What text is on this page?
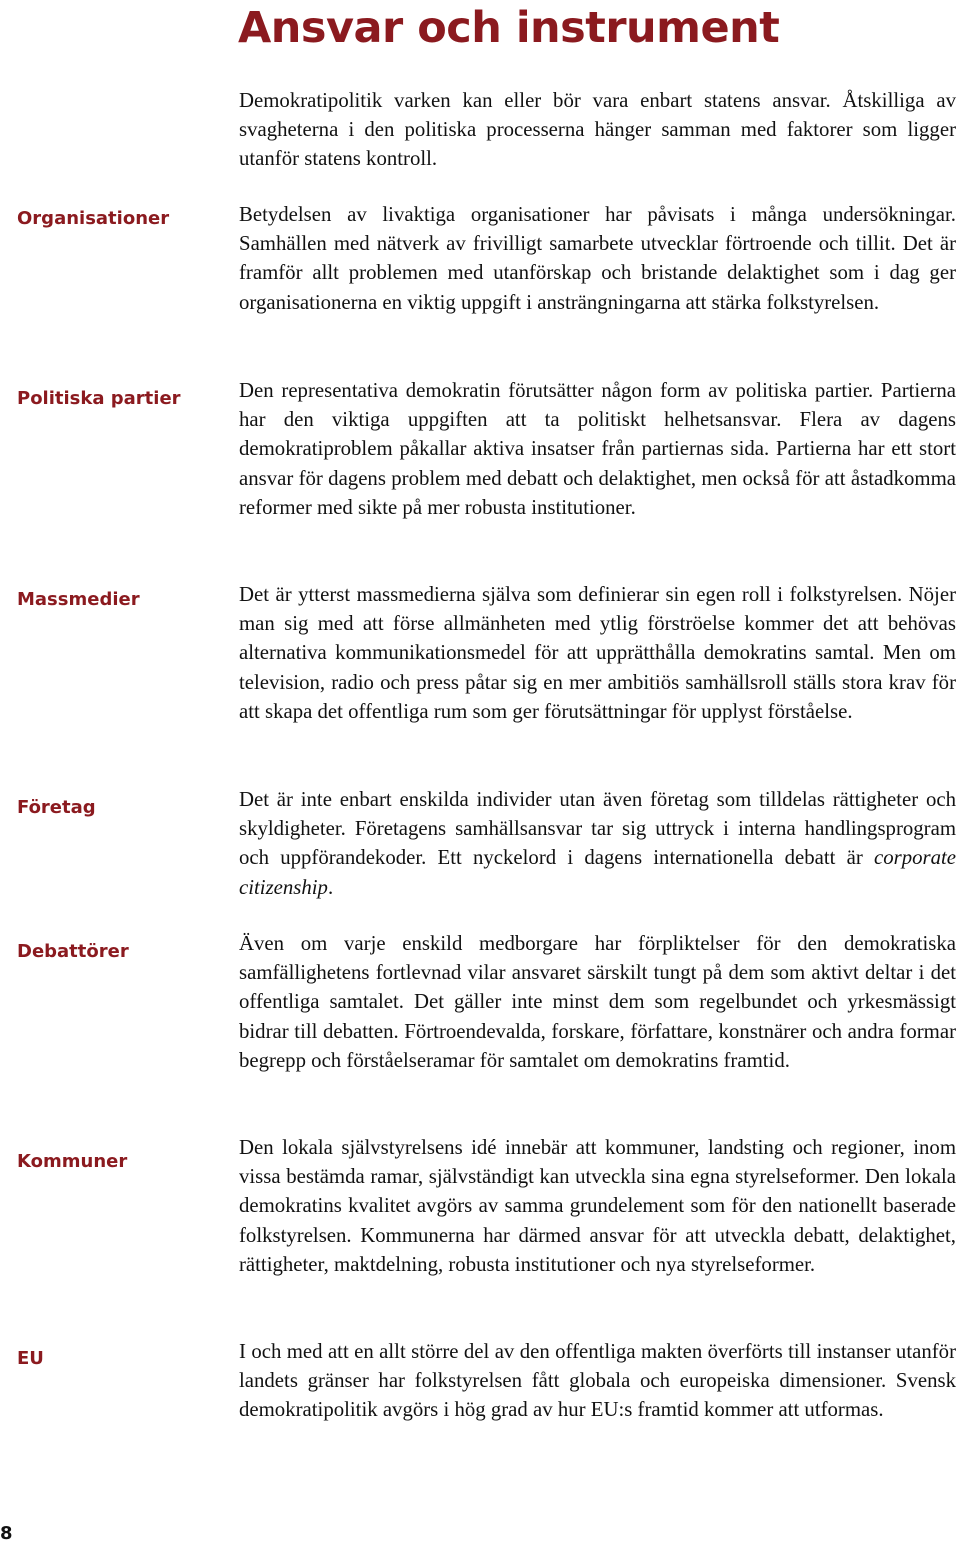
Ansvar och instrument

Organisationer

Politiska partier

Massmedier

Företag

Debattörer

Kommuner

EU

Demokratipolitik varken kan eller bör vara enbart statens ansvar. Åtskilliga av svagheterna i den politiska processerna hänger samman med faktorer som ligger utanför statens kontroll.

Betydelsen av livaktiga organisationer har påvisats i många undersökningar. Samhällen med nätverk av frivilligt samarbete utvecklar förtroende och tillit. Det är framför allt problemen med utanförskap och bristande delaktighet som i dag ger organisationerna en viktig uppgift i ansträngningarna att stärka folkstyrelsen.

Den representativa demokratin förutsätter någon form av politiska partier. Partierna har den viktiga uppgiften att ta politiskt helhetsansvar. Flera av dagens demokratiproblem påkallar aktiva insatser från partiernas sida. Partierna har ett stort ansvar för dagens problem med debatt och delaktighet, men också för att åstadkomma reformer med sikte på mer robusta institutioner.

Det är ytterst massmedierna själva som definierar sin egen roll i folkstyrelsen. Nöjer man sig med att förse allmänheten med ytlig förströelse kommer det att behövas alternativa kommunikationsmedel för att upprätthålla demokratins samtal. Men om television, radio och press påtar sig en mer ambitiös samhällsroll ställs stora krav för att skapa det offentliga rum som ger förutsättningar för upplyst förståelse.

Det är inte enbart enskilda individer utan även företag som tilldelas rättigheter och skyldigheter. Företagens samhällsansvar tar sig uttryck i interna handlingsprogram och uppförandekoder. Ett nyckelord i dagens internationella debatt är corporate citizenship.

Även om varje enskild medborgare har förpliktelser för den demokratiska samfällighetens fortlevnad vilar ansvaret särskilt tungt på dem som aktivt deltar i det offentliga samtalet. Det gäller inte minst dem som regelbundet och yrkesmässigt bidrar till debatten. Förtroendevalda, forskare, författare, konstnärer och andra formar begrepp och förståelseramar för samtalet om demokratins framtid.

Den lokala självstyrelsens idé innebär att kommuner, landsting och regioner, inom vissa bestämda ramar, självständigt kan utveckla sina egna styrelseformer. Den lokala demokratins kvalitet avgörs av samma grundelement som för den nationellt baserade folkstyrelsen. Kommunerna har därmed ansvar för att utveckla debatt, delaktighet, rättigheter, maktdelning, robusta institutioner och nya styrelseformer.

I och med att en allt större del av den offentliga makten överförts till instanser utanför landets gränser har folkstyrelsen fått globala och europeiska dimensioner. Svensk demokratipolitik avgörs i hög grad av hur EU:s framtid kommer att utformas.

8
